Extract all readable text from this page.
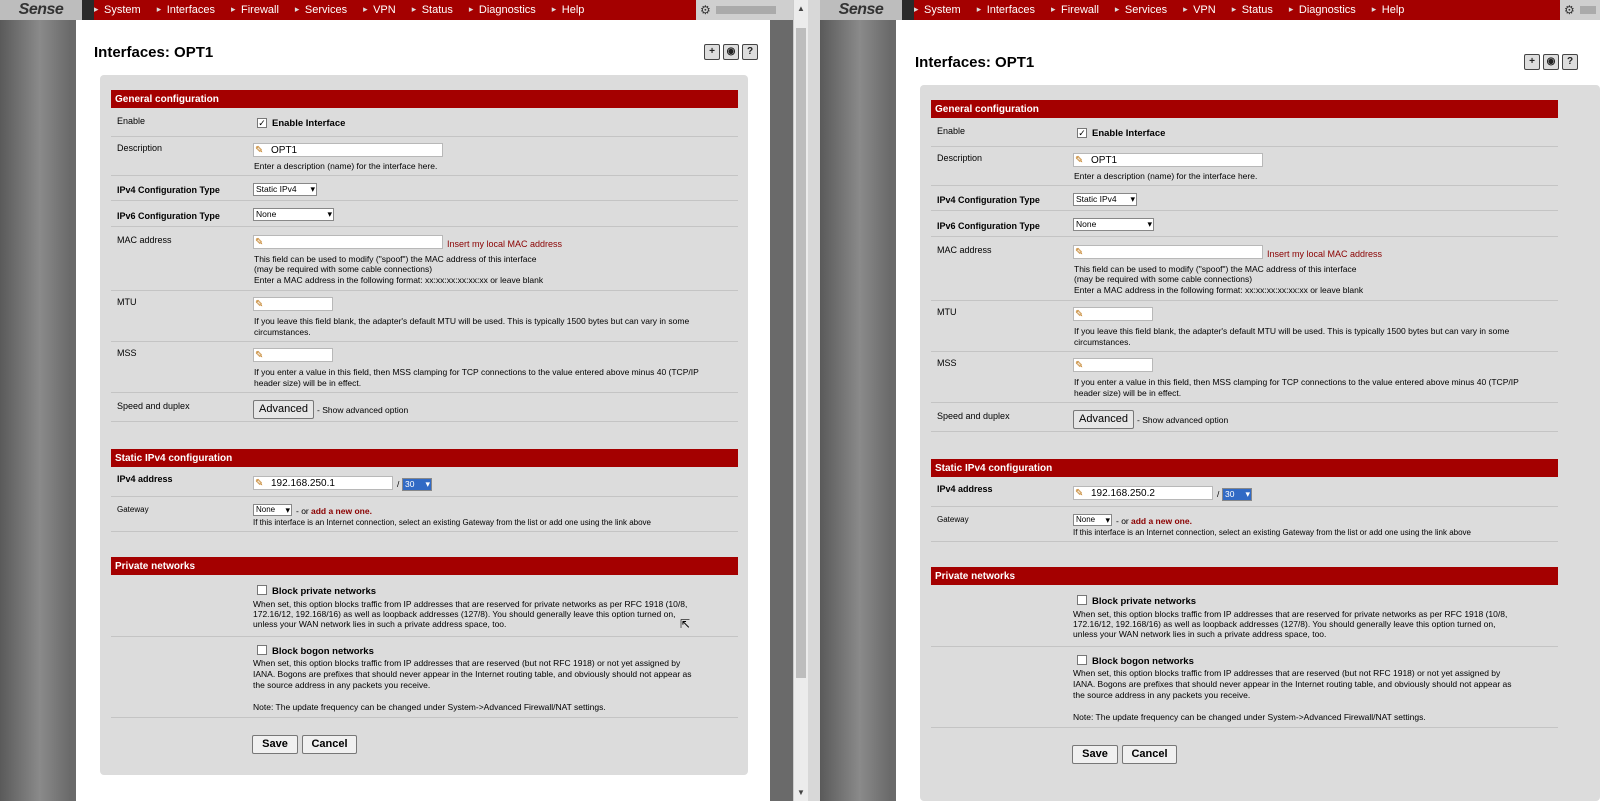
Sense	▸ System	▸ Interfaces	▸ Firewall	▸ Services	▸ VPN	▸ Status	▸ Diagnostics	▸ Help	⚙
Interfaces: OPT1	+	◉	?
General configuration
Enable	✓ Enable Interface
Description	✎ OPT1
Enter a description (name) for the interface here.
IPv4 Configuration Type	Static IPv4 ▾
IPv6 Configuration Type	None ▾
MAC address	✎	Insert my local MAC address
This field can be used to modify ("spoof") the MAC address of this interface
(may be required with some cable connections)
Enter a MAC address in the following format: xx:xx:xx:xx:xx:xx or leave blank
MTU	✎
If you leave this field blank, the adapter's default MTU will be used. This is typically 1500 bytes but can vary in some
circumstances.
MSS	✎
If you enter a value in this field, then MSS clamping for TCP connections to the value entered above minus 40 (TCP/IP
header size) will be in effect.
Speed and duplex	Advanced	- Show advanced option
Static IPv4 configuration
IPv4 address	✎ 192.168.250.1	/ 30 ▾
Gateway	None ▾	- or add a new one.
If this interface is an Internet connection, select an existing Gateway from the list or add one using the link above
Private networks
Block private networks
When set, this option blocks traffic from IP addresses that are reserved for private networks as per RFC 1918 (10/8,
172.16/12, 192.168/16) as well as loopback addresses (127/8). You should generally leave this option turned on,
unless your WAN network lies in such a private address space, too.
Block bogon networks
When set, this option blocks traffic from IP addresses that are reserved (but not RFC 1918) or not yet assigned by
IANA. Bogons are prefixes that should never appear in the Internet routing table, and obviously should not appear as
the source address in any packets you receive.
Note: The update frequency can be changed under System->Advanced Firewall/NAT settings.
Save	Cancel
⇱
▲
▼
Sense	▸ System	▸ Interfaces	▸ Firewall	▸ Services	▸ VPN	▸ Status	▸ Diagnostics	▸ Help	⚙
Interfaces: OPT1	+	◉	?
General configuration
Enable	✓ Enable Interface
Description	✎ OPT1
Enter a description (name) for the interface here.
IPv4 Configuration Type	Static IPv4 ▾
IPv6 Configuration Type	None ▾
MAC address	✎	Insert my local MAC address
This field can be used to modify ("spoof") the MAC address of this interface
(may be required with some cable connections)
Enter a MAC address in the following format: xx:xx:xx:xx:xx:xx or leave blank
MTU	✎
If you leave this field blank, the adapter's default MTU will be used. This is typically 1500 bytes but can vary in some
circumstances.
MSS	✎
If you enter a value in this field, then MSS clamping for TCP connections to the value entered above minus 40 (TCP/IP
header size) will be in effect.
Speed and duplex	Advanced	- Show advanced option
Static IPv4 configuration
IPv4 address	✎ 192.168.250.2	/ 30 ▾
Gateway	None ▾	- or add a new one.
If this interface is an Internet connection, select an existing Gateway from the list or add one using the link above
Private networks
Block private networks
When set, this option blocks traffic from IP addresses that are reserved for private networks as per RFC 1918 (10/8,
172.16/12, 192.168/16) as well as loopback addresses (127/8). You should generally leave this option turned on,
unless your WAN network lies in such a private address space, too.
Block bogon networks
When set, this option blocks traffic from IP addresses that are reserved (but not RFC 1918) or not yet assigned by
IANA. Bogons are prefixes that should never appear in the Internet routing table, and obviously should not appear as
the source address in any packets you receive.
Note: The update frequency can be changed under System->Advanced Firewall/NAT settings.
Save	Cancel
